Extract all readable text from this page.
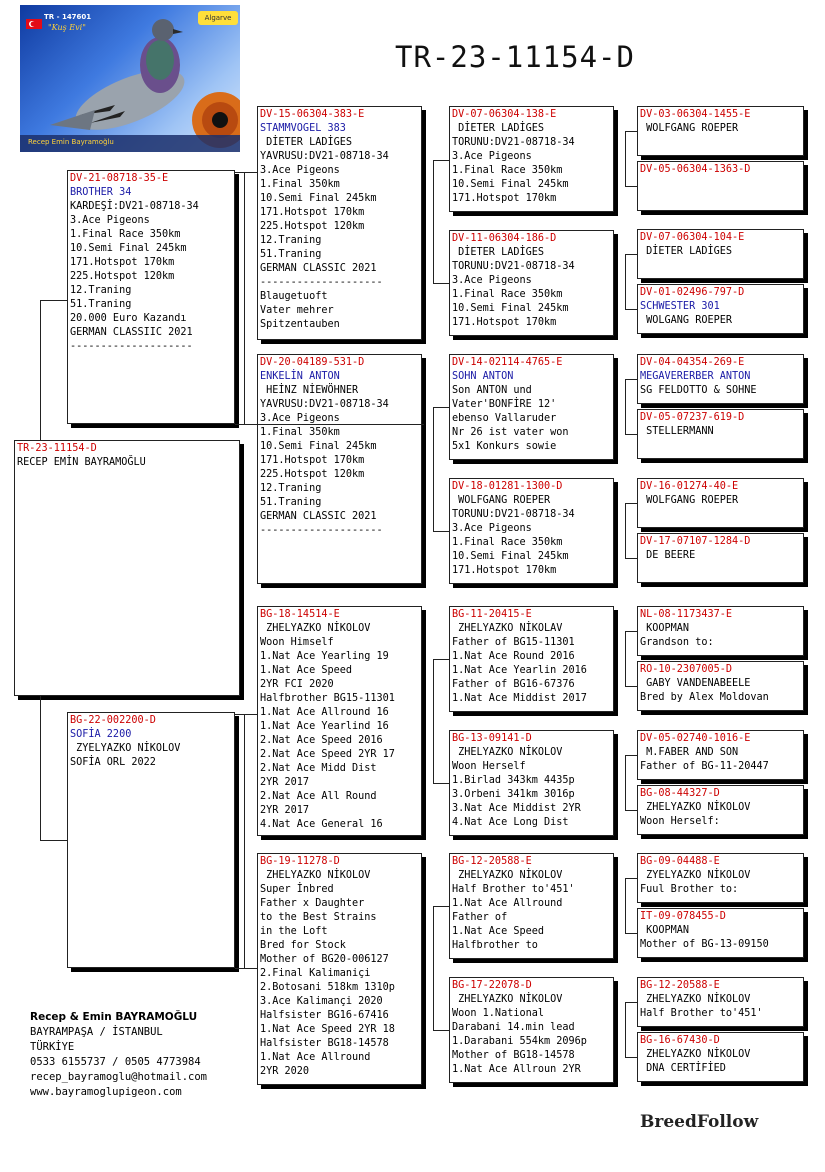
TR - 147601
"Kuş Evi"
Algarve
Recep Emin Bayramoğlu
TR-23-11154-D
TR-23-11154-D
RECEP EMİN BAYRAMOĞLU
DV-21-08718-35-E
BROTHER 34
KARDEŞİ:DV21-08718-34
3.Ace Pigeons
1.Final Race 350km
10.Semi Final 245km
171.Hotspot 170km
225.Hotspot 120km
12.Traning
51.Traning
20.000 Euro Kazandı
GERMAN CLASSIIC 2021
--------------------
BG-22-002200-D
SOFİA 2200
ZYELYAZKO NİKOLOV
SOFİA ORL 2022
DV-15-06304-383-E
STAMMVOGEL 383
DİETER LADİGES
YAVRUSU:DV21-08718-34
3.Ace Pigeons
1.Final 350km
10.Semi Final 245km
171.Hotspot 170km
225.Hotspot 120km
12.Traning
51.Traning
GERMAN CLASSIC 2021
--------------------
Blaugetuoft
Vater mehrer
Spitzentauben
DV-20-04189-531-D
ENKELİN ANTON
HEİNZ NİEWÖHNER
YAVRUSU:DV21-08718-34
3.Ace Pigeons
1.Final 350km
10.Semi Final 245km
171.Hotspot 170km
225.Hotspot 120km
12.Traning
51.Traning
GERMAN CLASSIC 2021
--------------------
BG-18-14514-E
ZHELYAZKO NİKOLOV
Woon Himself
1.Nat Ace Yearling 19
1.Nat Ace Speed
2YR FCI 2020
Halfbrother BG15-11301
1.Nat Ace Allround 16
1.Nat Ace Yearlind 16
2.Nat Ace Speed 2016
2.Nat Ace Speed 2YR 17
2.Nat Ace Midd Dist
2YR 2017
2.Nat Ace All Round
2YR 2017
4.Nat Ace General 16
BG-19-11278-D
ZHELYAZKO NİKOLOV
Super İnbred
Father x Daughter
to the Best Strains
in the Loft
Bred for Stock
Mother of BG20-006127
2.Final Kalimaniçi
2.Botosani 518km 1310p
3.Ace Kalimançi 2020
Halfsister BG16-67416
1.Nat Ace Speed 2YR 18
Halfsister BG18-14578
1.Nat Ace Allround
2YR 2020
DV-07-06304-138-E
DİETER LADİGES
TORUNU:DV21-08718-34
3.Ace Pigeons
1.Final Race 350km
10.Semi Final 245km
171.Hotspot 170km
DV-11-06304-186-D
DİETER LADİGES
TORUNU:DV21-08718-34
3.Ace Pigeons
1.Final Race 350km
10.Semi Final 245km
171.Hotspot 170km
DV-14-02114-4765-E
SOHN ANTON
Son ANTON und
Vater'BONFİRE 12'
ebenso Vallaruder
Nr 26 ist vater won
5x1 Konkurs sowie
DV-18-01281-1300-D
WOLFGANG ROEPER
TORUNU:DV21-08718-34
3.Ace Pigeons
1.Final Race 350km
10.Semi Final 245km
171.Hotspot 170km
BG-11-20415-E
ZHELYAZKO NİKOLAV
Father of BG15-11301
1.Nat Ace Round 2016
1.Nat Ace Yearlin 2016
Father of BG16-67376
1.Nat Ace Middist 2017
BG-13-09141-D
ZHELYAZKO NİKOLOV
Woon Herself
1.Birlad 343km 4435p
3.Orbeni 341km 3016p
3.Nat Ace Middist 2YR
4.Nat Ace Long Dist
BG-12-20588-E
ZHELYAZKO NİKOLOV
Half Brother to'451'
1.Nat Ace Allround
Father of
1.Nat Ace Speed
Halfbrother to
BG-17-22078-D
ZHELYAZKO NİKOLOV
Woon 1.National
Darabani 14.min lead
1.Darabani 554km 2096p
Mother of BG18-14578
1.Nat Ace Allroun 2YR
DV-03-06304-1455-E
WOLFGANG ROEPER
DV-05-06304-1363-D
DV-07-06304-104-E
DİETER LADİGES
DV-01-02496-797-D
SCHWESTER 301
WOLGANG ROEPER
DV-04-04354-269-E
MEGAVERERBER ANTON
SG FELDOTTO & SOHNE
DV-05-07237-619-D
STELLERMANN
DV-16-01274-40-E
WOLFGANG ROEPER
DV-17-07107-1284-D
DE BEERE
NL-08-1173437-E
KOOPMAN
Grandson to:
RO-10-2307005-D
GABY VANDENABEELE
Bred by Alex Moldovan
DV-05-02740-1016-E
M.FABER AND SON
Father of BG-11-20447
BG-08-44327-D
ZHELYAZKO NİKOLOV
Woon Herself:
BG-09-04488-E
ZYELYAZKO NİKOLOV
Fuul Brother to:
IT-09-078455-D
KOOPMAN
Mother of BG-13-09150
BG-12-20588-E
ZHELYAZKO NİKOLOV
Half Brother to'451'
BG-16-67430-D
ZHELYAZKO NİKOLOV
DNA CERTİFİED
Recep & Emin BAYRAMOĞLU
BAYRAMPAŞA / İSTANBUL
TÜRKİYE
0533 6155737 / 0505 4773984
recep_bayramoglu@hotmail.com
www.bayramoglupigeon.com
BreedFollow
